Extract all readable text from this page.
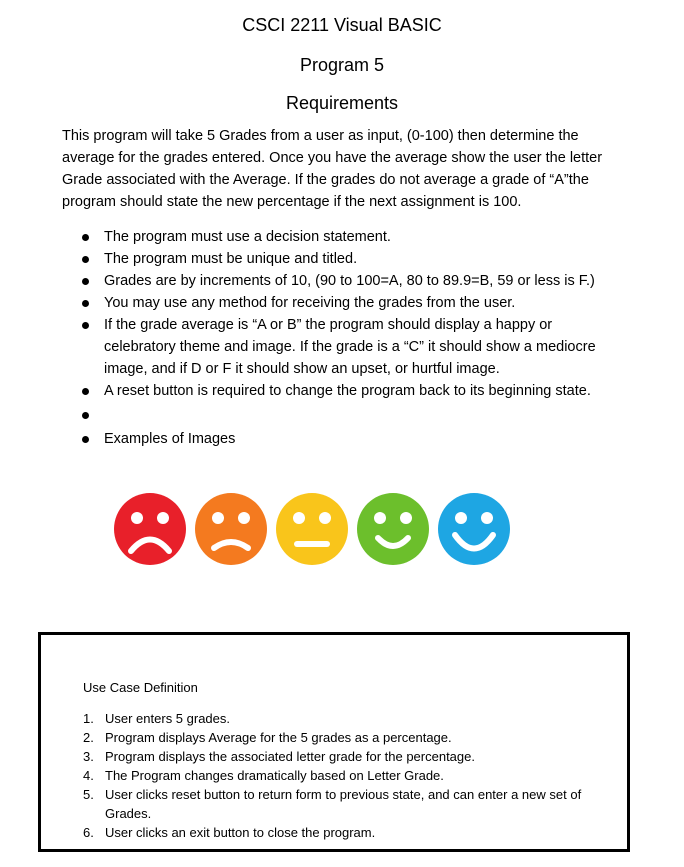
CSCI 2211 Visual BASIC
Program 5
Requirements
This program will take 5 Grades from a user as input, (0-100) then determine the average for the grades entered. Once you have the average show the user the letter Grade associated with the Average. If the grades do not average a grade of “A”the program should state the new percentage if the next assignment is 100.
The program must use a decision statement.
The program must be unique and titled.
Grades are by increments of 10, (90 to 100=A, 80 to 89.9=B, 59 or less is F.)
You may use any method for receiving the grades from the user.
If the grade average is “A or B” the program should display a happy or celebratory theme and image. If the grade is a “C” it should show a mediocre image, and if D or F it should show an upset, or hurtful image.
A reset button is required to change the program back to its beginning state.
Examples of Images
Use Case Definition
1. User enters 5 grades.
2. Program displays Average for the 5 grades as a percentage.
3. Program displays the associated letter grade for the percentage.
4. The Program changes dramatically based on Letter Grade.
5. User clicks reset button to return form to previous state, and can enter a new set of Grades.
6. User clicks an exit button to close the program.
